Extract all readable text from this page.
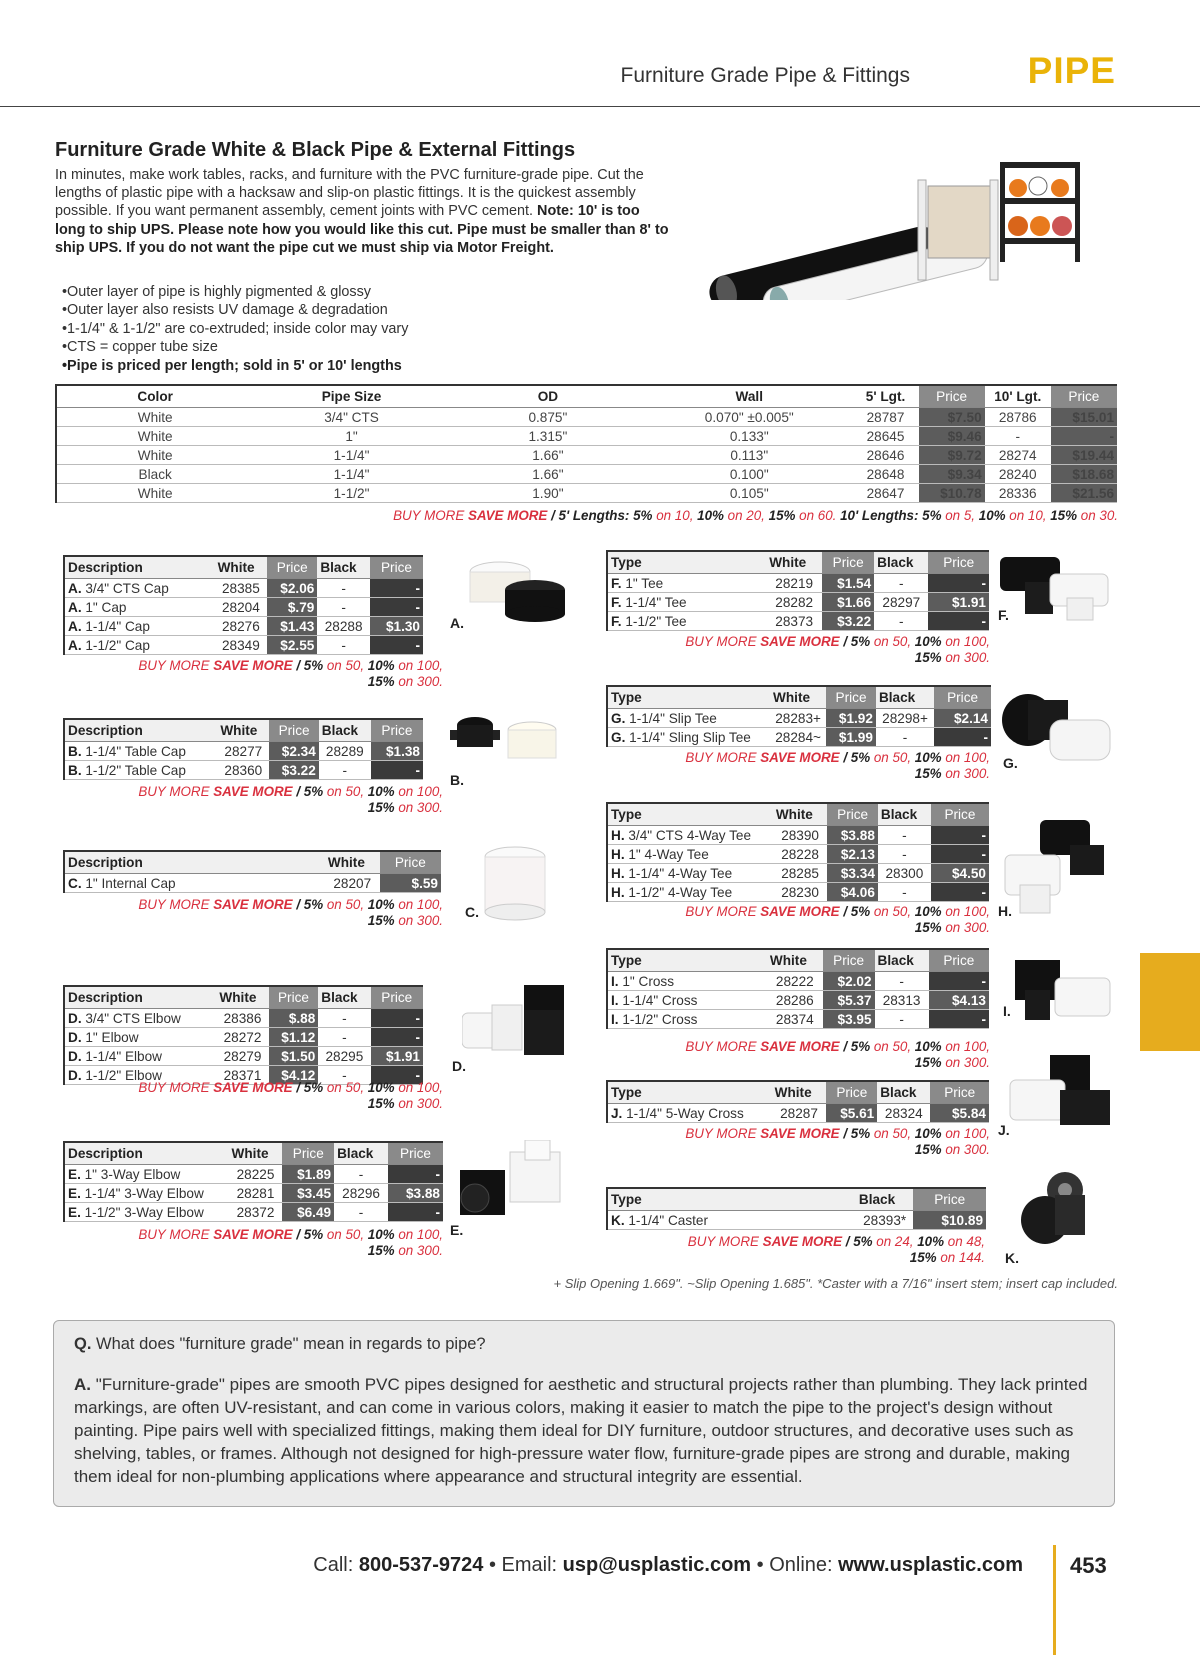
Furniture Grade Pipe & Fittings	PIPE
Furniture Grade White & Black Pipe & External Fittings

In minutes, make work tables, racks, and furniture with the PVC furniture-grade pipe. Cut the lengths of plastic pipe with a hacksaw and slip-on plastic fittings. It is the quickest assembly possible. If you want permanent assembly, cement joints with PVC cement. Note: 10' is too long to ship UPS. Please note how you would like this cut. Pipe must be smaller than 8' to ship UPS. If you do not want the pipe cut we must ship via Motor Freight.

• Outer layer of pipe is highly pigmented & glossy
• Outer layer also resists UV damage & degradation
• 1-1/4" & 1-1/2" are co-extruded; inside color may vary
• CTS = copper tube size
• Pipe is priced per length; sold in 5' or 10' lengths
Color	Pipe Size	OD	Wall	5' Lgt.	Price	10' Lgt.	Price
White	3/4" CTS	0.875"	0.070" ±0.005"	28787	$7.50	28786	$15.01
White	1"	1.315"	0.133"	28645	$9.46	-	-
White	1-1/4"	1.66"	0.113"	28646	$9.72	28274	$19.44
Black	1-1/4"	1.66"	0.100"	28648	$9.34	28240	$18.68
White	1-1/2"	1.90"	0.105"	28647	$10.78	28336	$21.56
BUY MORE SAVE MORE / 5' Lengths: 5% on 10, 10% on 20, 15% on 60. 10' Lengths: 5% on 5, 10% on 10, 15% on 30.
Description	White	Price	Black	Price
A. 3/4" CTS Cap	28385	$2.06	-	-
A. 1" Cap	28204	$.79	-	-
A. 1-1/4" Cap	28276	$1.43	28288	$1.30
A. 1-1/2" Cap	28349	$2.55	-	-
A.
BUY MORE SAVE MORE / 5% on 50, 10% on 100,
15% on 300.
Description	White	Price	Black	Price
B. 1-1/4" Table Cap	28277	$2.34	28289	$1.38
B. 1-1/2" Table Cap	28360	$3.22	-	-
B.
BUY MORE SAVE MORE / 5% on 50, 10% on 100,
15% on 300.
Description	White	Price
C. 1" Internal Cap	28207	$.59
C.
BUY MORE SAVE MORE / 5% on 50, 10% on 100,
15% on 300.
Description	White	Price	Black	Price
D. 3/4" CTS Elbow	28386	$.88	-	-
D. 1" Elbow	28272	$1.12	-	-
D. 1-1/4" Elbow	28279	$1.50	28295	$1.91
D. 1-1/2" Elbow	28371	$4.12	-	-
D.
BUY MORE SAVE MORE / 5% on 50, 10% on 100,
15% on 300.
Description	White	Price	Black	Price
E. 1" 3-Way Elbow	28225	$1.89	-	-
E. 1-1/4" 3-Way Elbow	28281	$3.45	28296	$3.88
E. 1-1/2" 3-Way Elbow	28372	$6.49	-	-
E.
BUY MORE SAVE MORE / 5% on 50, 10% on 100,
15% on 300.
Type	White	Price	Black	Price
F. 1" Tee	28219	$1.54	-	-
F. 1-1/4" Tee	28282	$1.66	28297	$1.91
F. 1-1/2" Tee	28373	$3.22	-	- F.
BUY MORE SAVE MORE / 5% on 50, 10% on 100,
15% on 300.
Type	White	Price	Black	Price
G. 1-1/4" Slip Tee	28283+	$1.92	28298+	$2.14
G. 1-1/4" Sling Slip Tee	28284~	$1.99	-	-
G.
BUY MORE SAVE MORE / 5% on 50, 10% on 100,
15% on 300.
Type	White	Price	Black	Price
H. 3/4" CTS 4-Way Tee	28390	$3.88	-	-
H. 1" 4-Way Tee	28228	$2.13	-	-
H. 1-1/4" 4-Way Tee	28285	$3.34	28300	$4.50
H. 1-1/2" 4-Way Tee	28230	$4.06	-	-
H.
BUY MORE SAVE MORE / 5% on 50, 10% on 100,
15% on 300.
Type	White	Price	Black	Price
I. 1" Cross	28222	$2.02	-	-
I. 1-1/4" Cross	28286	$5.37	28313	$4.13
I. 1-1/2" Cross	28374	$3.95	-	- I.
BUY MORE SAVE MORE / 5% on 50, 10% on 100,
15% on 300.
Type	White	Price	Black	Price
J. 1-1/4" 5-Way Cross	28287	$5.61	28324	$5.84
J.
BUY MORE SAVE MORE / 5% on 50, 10% on 100,
15% on 300.
Type	Black	Price
K. 1-1/4" Caster	28393*	$10.89
K.
BUY MORE SAVE MORE / 5% on 24, 10% on 48,
15% on 144.
+ Slip Opening 1.669". ~Slip Opening 1.685". *Caster with a 7/16" insert stem; insert cap included.
Q. What does "furniture grade" mean in regards to pipe?
A. "Furniture-grade" pipes are smooth PVC pipes designed for aesthetic and structural projects rather than plumbing. They lack printed markings, are often UV-resistant, and can come in various colors, making it easier to match the pipe to the project's design without painting. Pipe pairs well with specialized fittings, making them ideal for DIY furniture, outdoor structures, and decorative uses such as shelving, tables, or frames. Although not designed for high-pressure water flow, furniture-grade pipes are strong and durable, making them ideal for non-plumbing applications where appearance and structural integrity are essential.
Call: 800-537-9724 • Email: usp@usplastic.com • Online: www.usplastic.com 453
